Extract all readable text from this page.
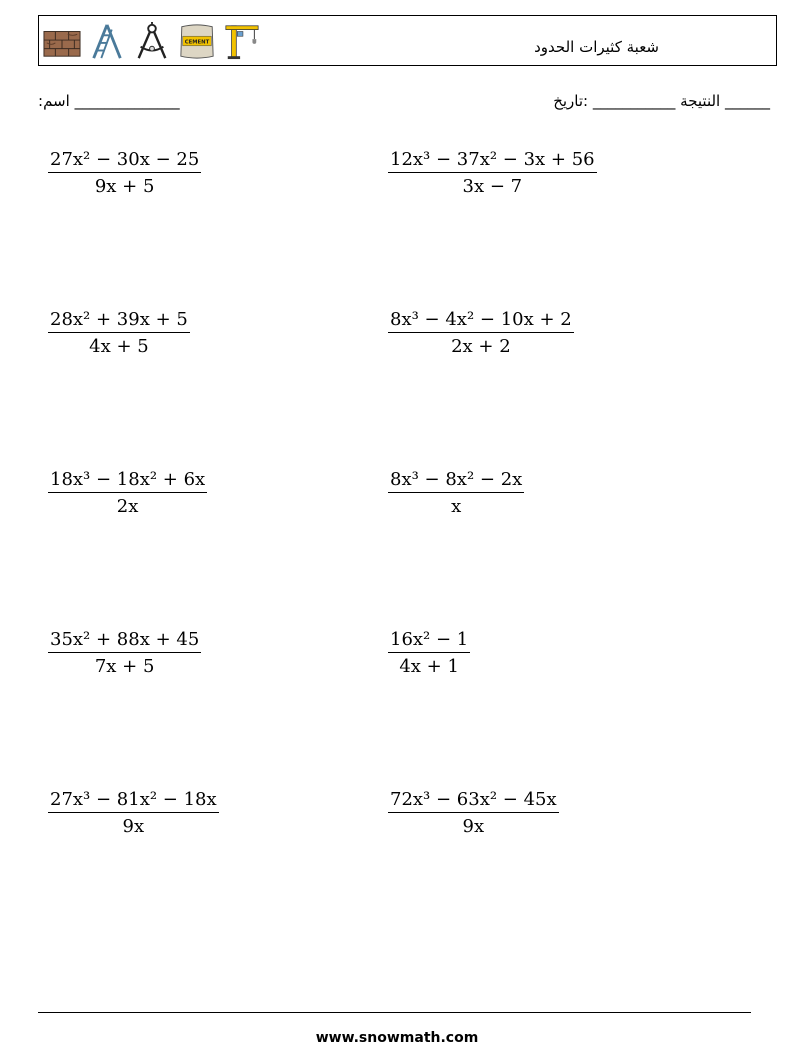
CEMENT	شعبة كثيرات الحدود
:اسم ______________	النتيجة ___________ :تاريخ	______
$\frac{\text{27x² − 30x − 25}}{9x + 5}$
$\frac{\text{28x² + 39x + 5}}{4x + 5}$
$\frac{\text{18x³ − 18x² + 6x}}{2x}$
$\frac{\text{35x² + 88x + 45}}{7x + 5}$
$\frac{\text{27x³ − 81x² − 18x}}{9x}$
$\frac{\text{12x³ − 37x² − 3x + 56}}{3x - 7}$
$\frac{\text{8x³ − 4x² − 10x + 2}}{2x + 2}$
$\frac{\text{8x³ − 8x² − 2x}}{x}$
$\frac{\text{16x² − 1}}{4x + 1}$
$\frac{\text{72x³ − 63x² − 45x}}{9x}$
www.snowmath.com
